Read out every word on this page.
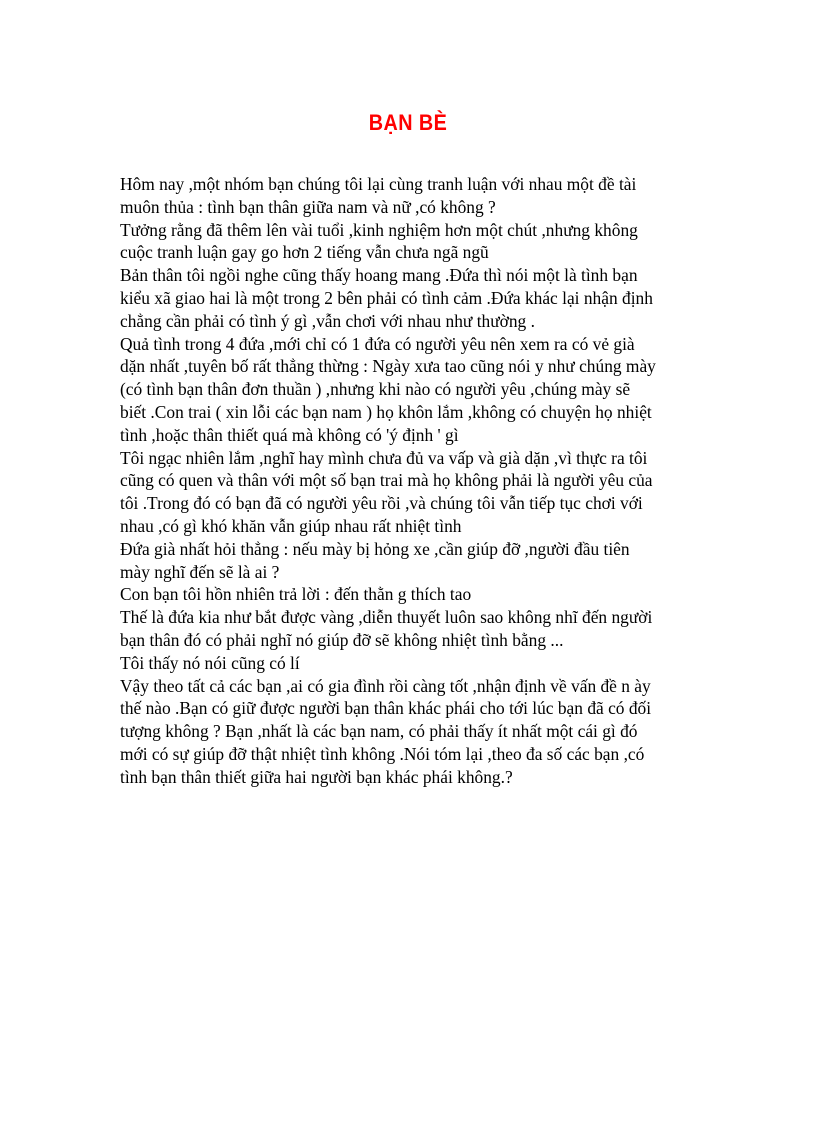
BẠN BÈ
Hôm nay ,một nhóm bạn chúng tôi lại cùng tranh luận với nhau một đề tài
muôn thủa : tình bạn thân giữa nam và nữ ,có không ?
Tưởng rằng đã thêm lên vài tuổi ,kinh nghiệm hơn một chút ,nhưng không
cuộc tranh luận gay go hơn 2 tiếng vẫn chưa ngã ngũ
Bản thân tôi ngồi nghe cũng thấy hoang mang .Đứa thì nói một là tình bạn
kiểu xã giao hai là một trong 2 bên phải có tình cảm .Đứa khác lại nhận định
chẳng cần phải có tình ý gì ,vẫn chơi với nhau như thường .
Quả tình trong 4 đứa ,mới chỉ có 1 đứa có người yêu nên xem ra có vẻ già
dặn nhất ,tuyên bố rất thẳng thừng : Ngày xưa tao cũng nói y như chúng mày
(có tình bạn thân đơn thuần ) ,nhưng khi nào có người yêu ,chúng mày sẽ
biết .Con trai ( xin lỗi các bạn nam ) họ khôn lắm ,không có chuyện họ nhiệt
tình ,hoặc thân thiết quá mà không có 'ý định ' gì
Tôi ngạc nhiên lắm ,nghĩ hay mình chưa đủ va vấp và già dặn ,vì thực ra tôi
cũng có quen và thân với một số bạn trai mà họ không phải là người yêu của
tôi .Trong đó có bạn đã có người yêu rồi ,và chúng tôi vẫn tiếp tục chơi với
nhau ,có gì khó khăn vẫn giúp nhau rất nhiệt tình
Đứa già nhất hỏi thẳng : nếu mày bị hỏng xe ,cần giúp đỡ ,người đầu tiên
mày nghĩ đến sẽ là ai ?
Con bạn tôi hồn nhiên trả lời : đến thằn g thích tao
Thế là đứa kia như bắt được vàng ,diễn thuyết luôn sao không nhĩ đến người
bạn thân đó có phải nghĩ nó giúp đỡ sẽ không nhiệt tình bằng ...
Tôi thấy nó nói cũng có lí
Vậy theo tất cả các bạn ,ai có gia đình rồi càng tốt ,nhận định về vấn đề n ày
thế nào .Bạn có giữ được người bạn thân khác phái cho tới lúc bạn đã có đối
tượng không ? Bạn ,nhất là các bạn nam, có phải thấy ít nhất một cái gì đó
mới có sự giúp đỡ thật nhiệt tình không .Nói tóm lại ,theo đa số các bạn ,có
tình bạn thân thiết giữa hai người bạn khác phái không.?
